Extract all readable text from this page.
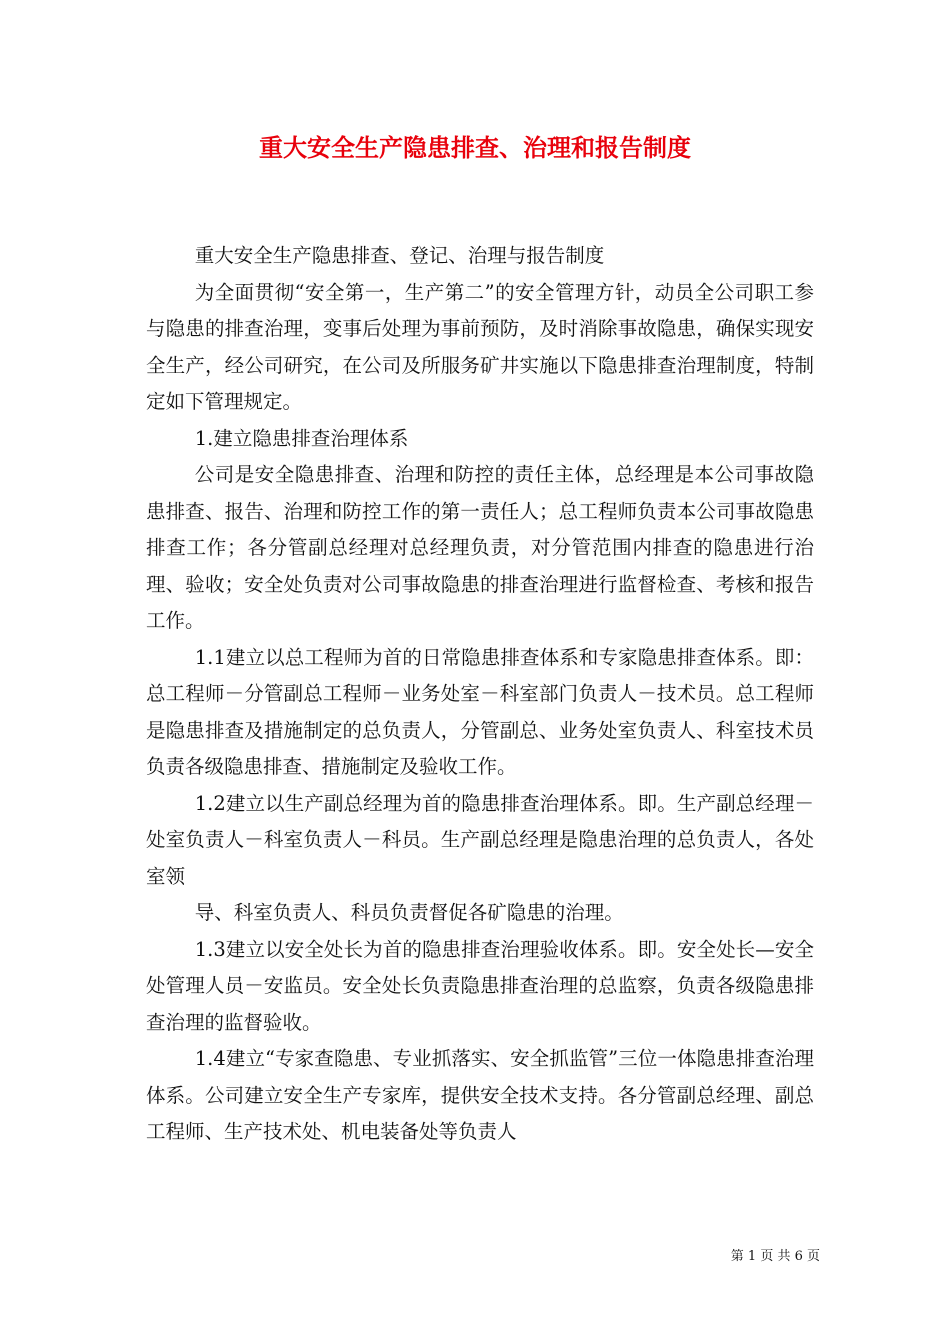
重大安全生产隐患排查、治理和报告制度

重大安全生产隐患排查、登记、治理与报告制度

为全面贯彻“安全第一，生产第二”的安全管理方针，动员全公司职工参与隐患的排查治理，变事后处理为事前预防，及时消除事故隐患，确保实现安全生产，经公司研究，在公司及所服务矿井实施以下隐患排查治理制度，特制定如下管理规定。

1.建立隐患排查治理体系

公司是安全隐患排查、治理和防控的责任主体，总经理是本公司事故隐患排查、报告、治理和防控工作的第一责任人；总工程师负责本公司事故隐患排查工作；各分管副总经理对总经理负责，对分管范围内排查的隐患进行治理、验收；安全处负责对公司事故隐患的排查治理进行监督检查、考核和报告工作。

1.1建立以总工程师为首的日常隐患排查体系和专家隐患排查体系。即：总工程师－分管副总工程师－业务处室－科室部门负责人－技术员。总工程师是隐患排查及措施制定的总负责人，分管副总、业务处室负责人、科室技术员负责各级隐患排查、措施制定及验收工作。

1.2建立以生产副总经理为首的隐患排查治理体系。即。生产副总经理－处室负责人－科室负责人－科员。生产副总经理是隐患治理的总负责人，各处室领

导、科室负责人、科员负责督促各矿隐患的治理。

1.3建立以安全处长为首的隐患排查治理验收体系。即。安全处长—安全处管理人员－安监员。安全处长负责隐患排查治理的总监察，负责各级隐患排查治理的监督验收。

1.4建立“专家查隐患、专业抓落实、安全抓监管”三位一体隐患排查治理体系。公司建立安全生产专家库，提供安全技术支持。各分管副总经理、副总工程师、生产技术处、机电装备处等负责人

第 1 页 共 6 页
